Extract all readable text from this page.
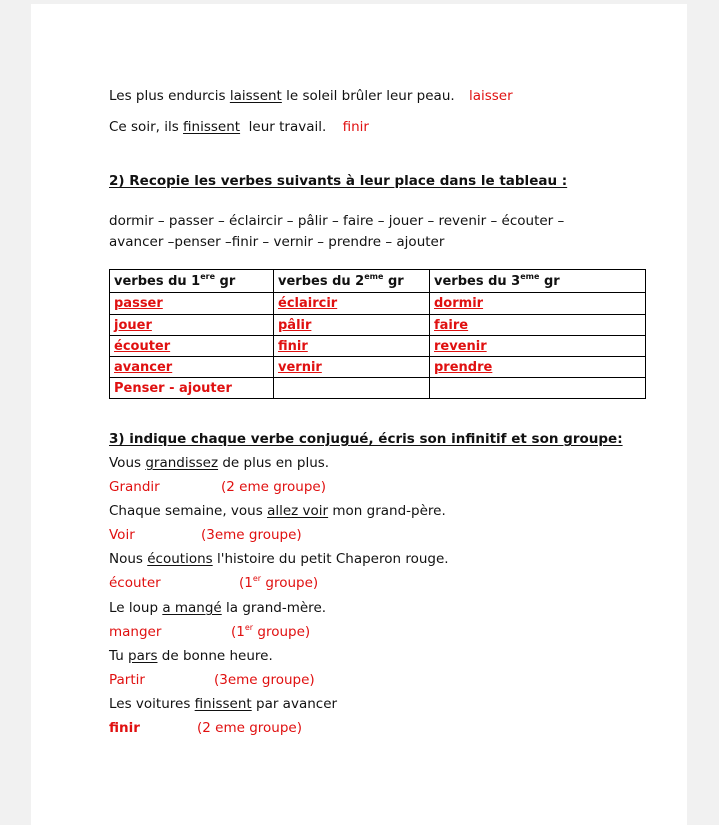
Les plus endurcis laissent le soleil brûler leur peau. laisser
Ce soir, ils finissent  leur travail. finir
2) Recopie les verbes suivants à leur place dans le tableau :
dormir – passer – éclaircir – pâlir – faire – jouer – revenir – écouter –
avancer –penser –finir – vernir – prendre – ajouter
verbes du 1ere gr	verbes du 2eme gr	verbes du 3eme gr
passer	éclaircir	dormir
jouer	pâlir	faire
écouter	finir	revenir
avancer	vernir	prendre
Penser - ajouter		
3) indique chaque verbe conjugué, écris son infinitif et son groupe:
Vous grandissez de plus en plus.
Grandir	(2 eme groupe)
Chaque semaine, vous allez voir mon grand-père.
Voir	(3eme groupe)
Nous écoutions l'histoire du petit Chaperon rouge.
écouter	(1er groupe)
Le loup a mangé la grand-mère.
manger	(1er groupe)
Tu pars de bonne heure.
Partir	(3eme groupe)
Les voitures finissent par avancer
finir	(2 eme groupe)
